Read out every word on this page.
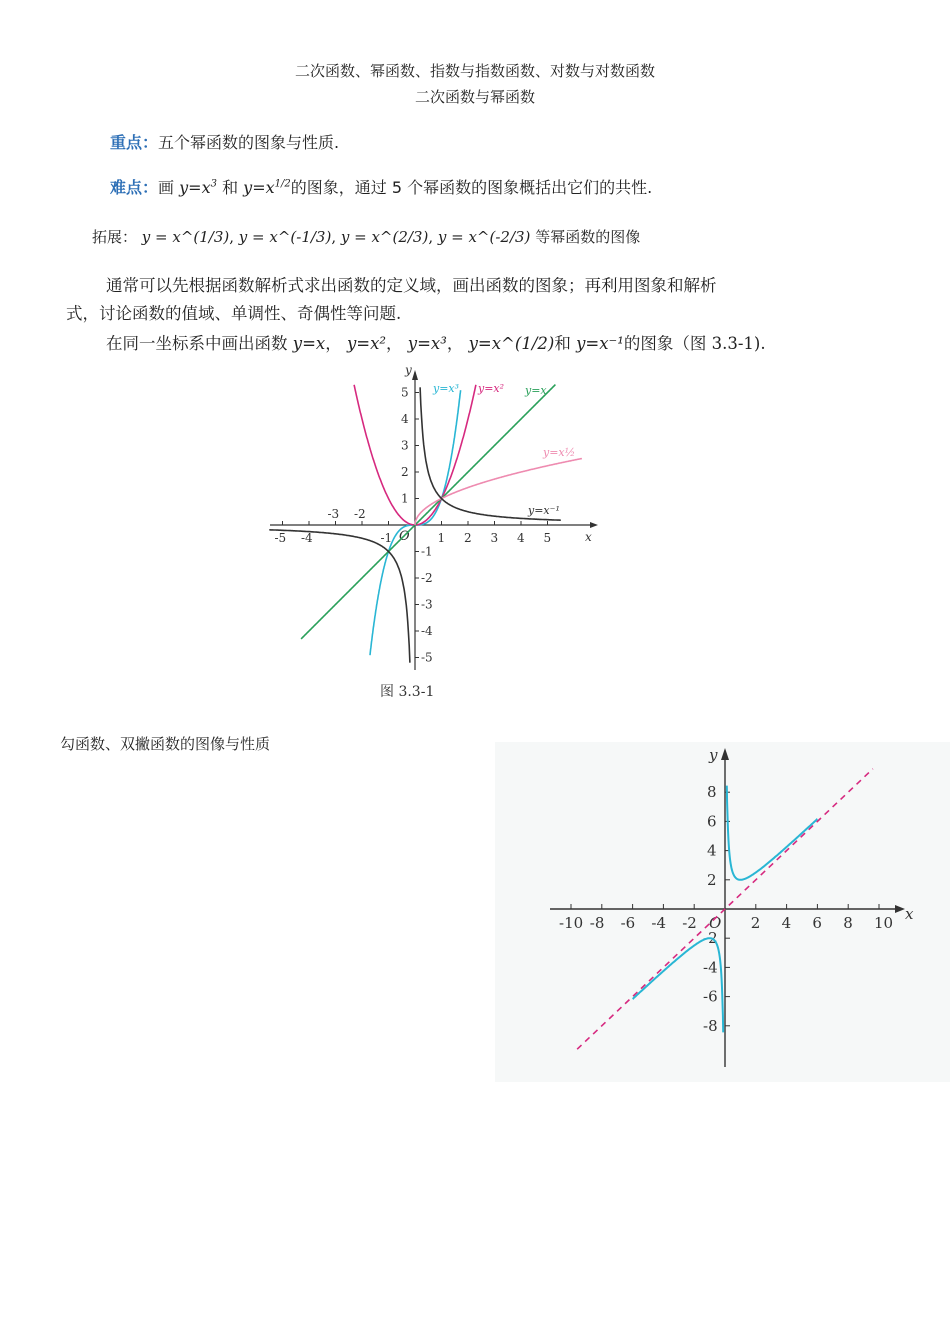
二次函数、幂函数、指数与指数函数、对数与对数函数
二次函数与幂函数
重点：五个幂函数的图象与性质.
难点：画 $y=x^3$ 和 $y=x^{1/2}$的图象，通过 5 个幂函数的图象概括出它们的共性.
拓展： y = x^(1/3), y = x^(-1/3), y = x^(2/3), y = x^(-2/3) 等幂函数的图像
通常可以先根据函数解析式求出函数的定义域，画出函数的图象；再利用图象和解析
式，讨论函数的值域、单调性、奇偶性等问题.
在同一坐标系中画出函数 y=x， y=x²， y=x³， y=x^(1/2)和 y=x⁻¹的图象（图 3.3-1).
x
y
O
-5 -4
-3 -2
-1	1 2 3 4 5
-5
-4
-3
-2
-1
1
2
3
4
5 y=x³ y=x² y=x
y=x½
y=x⁻¹
图 3.3-1
勾函数、双撇函数的图像与性质
x
y
O
-10 -8 -6 -4 -2	2 4 6 8 10
-8
-6
-4
-2
2
4
6
8
